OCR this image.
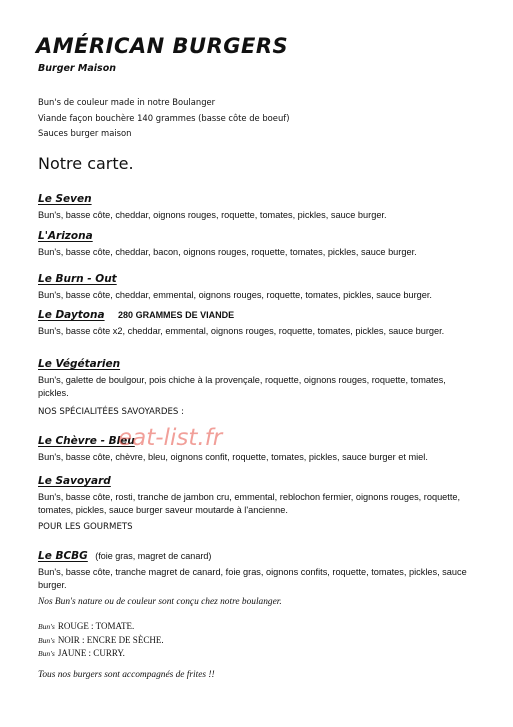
AMÉRICAN BURGERS
Burger Maison
Bun's de couleur made in notre Boulanger
Viande façon bouchère 140 grammes (basse côte de boeuf)
Sauces burger maison
Notre carte.
Le Seven
Bun's, basse côte, cheddar, oignons rouges, roquette, tomates, pickles, sauce burger.
L'Arizona
Bun's, basse côte, cheddar, bacon, oignons rouges, roquette, tomates, pickles, sauce burger.
Le Burn - Out
Bun's, basse côte, cheddar, emmental, oignons rouges, roquette, tomates, pickles, sauce burger.
Le Daytona 280 GRAMMES DE VIANDE
Bun's, basse côte x2, cheddar, emmental, oignons rouges, roquette, tomates, pickles, sauce burger.
Le Végétarien
Bun's, galette de boulgour, pois chiche à la provençale, roquette, oignons rouges, roquette, tomates, pickles.
NOS SPÉCIALITÉES SAVOYARDES :
Le Chèvre - Bleu
Bun's, basse côte, chèvre, bleu, oignons confit, roquette, tomates, pickles, sauce burger et miel.
Le Savoyard
Bun's, basse côte, rosti, tranche de jambon cru, emmental, reblochon fermier, oignons rouges, roquette, tomates, pickles, sauce burger saveur moutarde à l'ancienne.
POUR LES GOURMETS
Le BCBG (foie gras, magret de canard)
Bun's, basse côte, tranche magret de canard, foie gras, oignons confits, roquette, tomates, pickles, sauce burger.
Nos Bun's nature ou de couleur sont conçu chez notre boulanger.
Bun's ROUGE : TOMATE.
Bun's NOIR : ENCRE DE SÈCHE.
Bun's JAUNE : CURRY.
Tous nos burgers sont accompagnés de frites !!
eat-list.fr
